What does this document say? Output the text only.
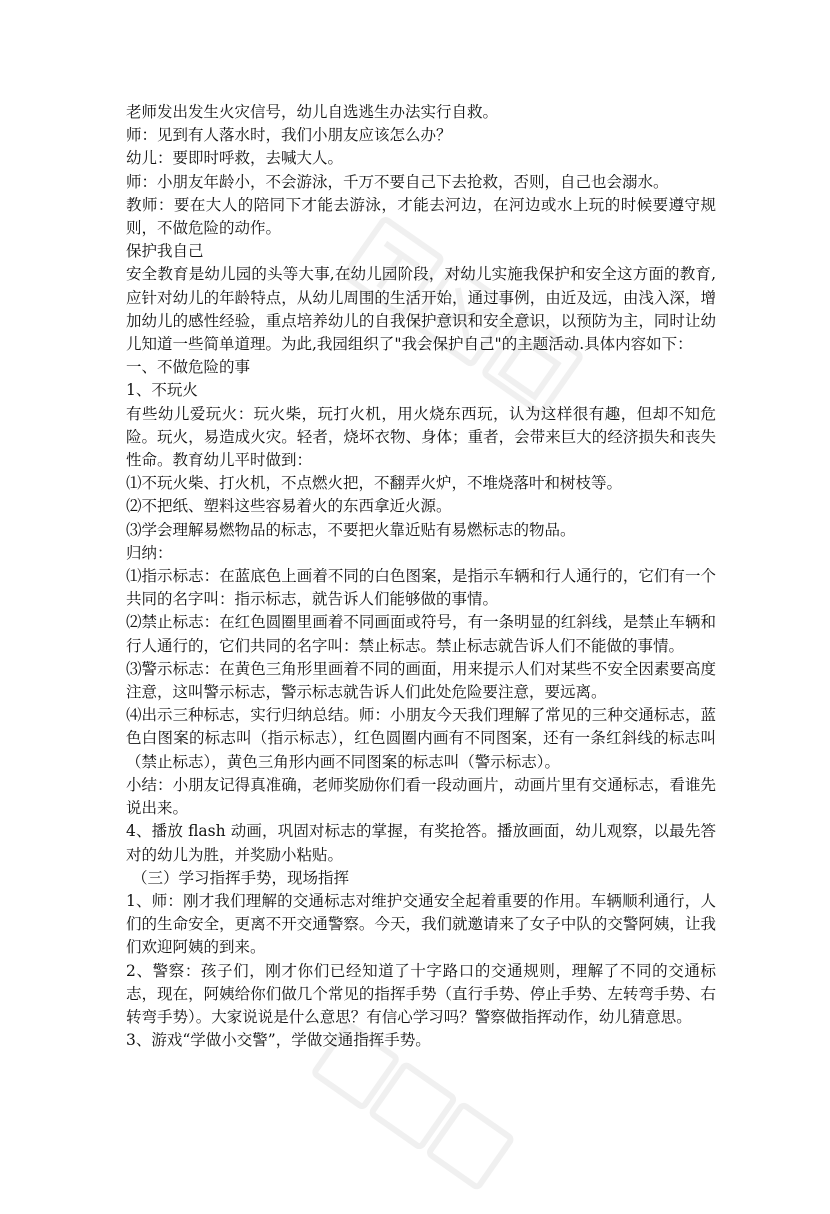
老师发出发生火灾信号，幼儿自选逃生办法实行自救。

师：见到有人落水时，我们小朋友应该怎么办？

幼儿：要即时呼救，去喊大人。

师：小朋友年龄小，不会游泳，千万不要自己下去抢救，否则，自己也会溺水。

教师：要在大人的陪同下才能去游泳，才能去河边，在河边或水上玩的时候要遵守规则，不做危险的动作。

保护我自己

安全教育是幼儿园的头等大事,在幼儿园阶段，对幼儿实施我保护和安全这方面的教育,应针对幼儿的年龄特点，从幼儿周围的生活开始，通过事例，由近及远，由浅入深，增加幼儿的感性经验，重点培养幼儿的自我保护意识和安全意识，以预防为主，同时让幼儿知道一些简单道理。为此,我园组织了"我会保护自己"的主题活动.具体内容如下：

一、不做危险的事

1、不玩火

有些幼儿爱玩火：玩火柴，玩打火机，用火烧东西玩，认为这样很有趣，但却不知危险。玩火，易造成火灾。轻者，烧坏衣物、身体；重者，会带来巨大的经济损失和丧失性命。教育幼儿平时做到：

⑴不玩火柴、打火机，不点燃火把，不翻弄火炉，不堆烧落叶和树枝等。

⑵不把纸、塑料这些容易着火的东西拿近火源。

⑶学会理解易燃物品的标志，不要把火靠近贴有易燃标志的物品。

归纳：

⑴指示标志：在蓝底色上画着不同的白色图案，是指示车辆和行人通行的，它们有一个共同的名字叫：指示标志，就告诉人们能够做的事情。

⑵禁止标志：在红色圆圈里画着不同画面或符号，有一条明显的红斜线，是禁止车辆和行人通行的，它们共同的名字叫：禁止标志。禁止标志就告诉人们不能做的事情。

⑶警示标志：在黄色三角形里画着不同的画面，用来提示人们对某些不安全因素要高度注意，这叫警示标志，警示标志就告诉人们此处危险要注意，要远离。

⑷出示三种标志，实行归纳总结。师：小朋友今天我们理解了常见的三种交通标志，蓝色白图案的标志叫（指示标志），红色圆圈内画有不同图案，还有一条红斜线的标志叫（禁止标志），黄色三角形内画不同图案的标志叫（警示标志）。

小结：小朋友记得真准确，老师奖励你们看一段动画片，动画片里有交通标志，看谁先说出来。

4、播放 flash 动画，巩固对标志的掌握，有奖抢答。播放画面，幼儿观察，以最先答对的幼儿为胜，并奖励小粘贴。

（三）学习指挥手势，现场指挥

1、师：刚才我们理解的交通标志对维护交通安全起着重要的作用。车辆顺利通行，人们的生命安全，更离不开交通警察。今天，我们就邀请来了女子中队的交警阿姨，让我们欢迎阿姨的到来。

2、警察：孩子们，刚才你们已经知道了十字路口的交通规则，理解了不同的交通标志，现在，阿姨给你们做几个常见的指挥手势（直行手势、停止手势、左转弯手势、右转弯手势）。大家说说是什么意思？有信心学习吗？警察做指挥动作，幼儿猜意思。

3、游戏“学做小交警”，学做交通指挥手势。
